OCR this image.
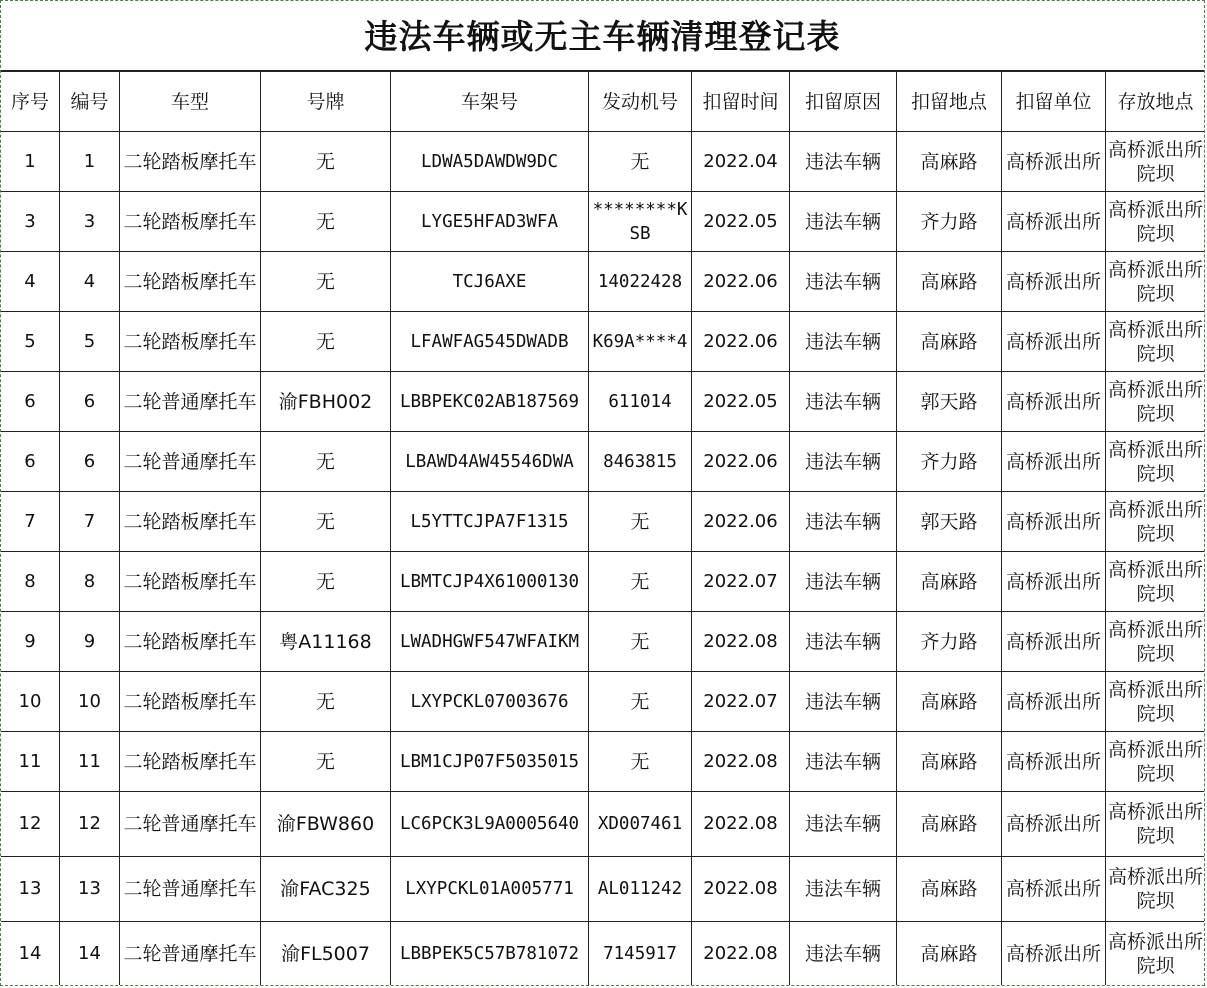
违法车辆或无主车辆清理登记表
序号	编号	车型	号牌	车架号	发动机号	扣留时间	扣留原因	扣留地点	扣留单位	存放地点
1	1	二轮踏板摩托车	无	LDWA5DAWDW9DC	无	2022.04	违法车辆	高麻路	高桥派出所	高桥派出所院坝
3	3	二轮踏板摩托车	无	LYGE5HFAD3WFA	********KSB	2022.05	违法车辆	齐力路	高桥派出所	高桥派出所院坝
4	4	二轮踏板摩托车	无	TCJ6AXE	14022428	2022.06	违法车辆	高麻路	高桥派出所	高桥派出所院坝
5	5	二轮踏板摩托车	无	LFAWFAG545DWADB	K69A****4	2022.06	违法车辆	高麻路	高桥派出所	高桥派出所院坝
6	6	二轮普通摩托车	渝FBH002	LBBPEKC02AB187569	611014	2022.05	违法车辆	郭天路	高桥派出所	高桥派出所院坝
6	6	二轮普通摩托车	无	LBAWD4AW45546DWA	8463815	2022.06	违法车辆	齐力路	高桥派出所	高桥派出所院坝
7	7	二轮踏板摩托车	无	L5YTTCJPA7F1315	无	2022.06	违法车辆	郭天路	高桥派出所	高桥派出所院坝
8	8	二轮踏板摩托车	无	LBMTCJP4X61000130	无	2022.07	违法车辆	高麻路	高桥派出所	高桥派出所院坝
9	9	二轮踏板摩托车	粤A11168	LWADHGWF547WFAIKM	无	2022.08	违法车辆	齐力路	高桥派出所	高桥派出所院坝
10	10	二轮踏板摩托车	无	LXYPCKL07003676	无	2022.07	违法车辆	高麻路	高桥派出所	高桥派出所院坝
11	11	二轮踏板摩托车	无	LBM1CJP07F5035015	无	2022.08	违法车辆	高麻路	高桥派出所	高桥派出所院坝
12	12	二轮普通摩托车	渝FBW860	LC6PCK3L9A0005640	XD007461	2022.08	违法车辆	高麻路	高桥派出所	高桥派出所院坝
13	13	二轮普通摩托车	渝FAC325	LXYPCKL01A005771	AL011242	2022.08	违法车辆	高麻路	高桥派出所	高桥派出所院坝
14	14	二轮普通摩托车	渝FL5007	LBBPEK5C57B781072	7145917	2022.08	违法车辆	高麻路	高桥派出所	高桥派出所院坝
